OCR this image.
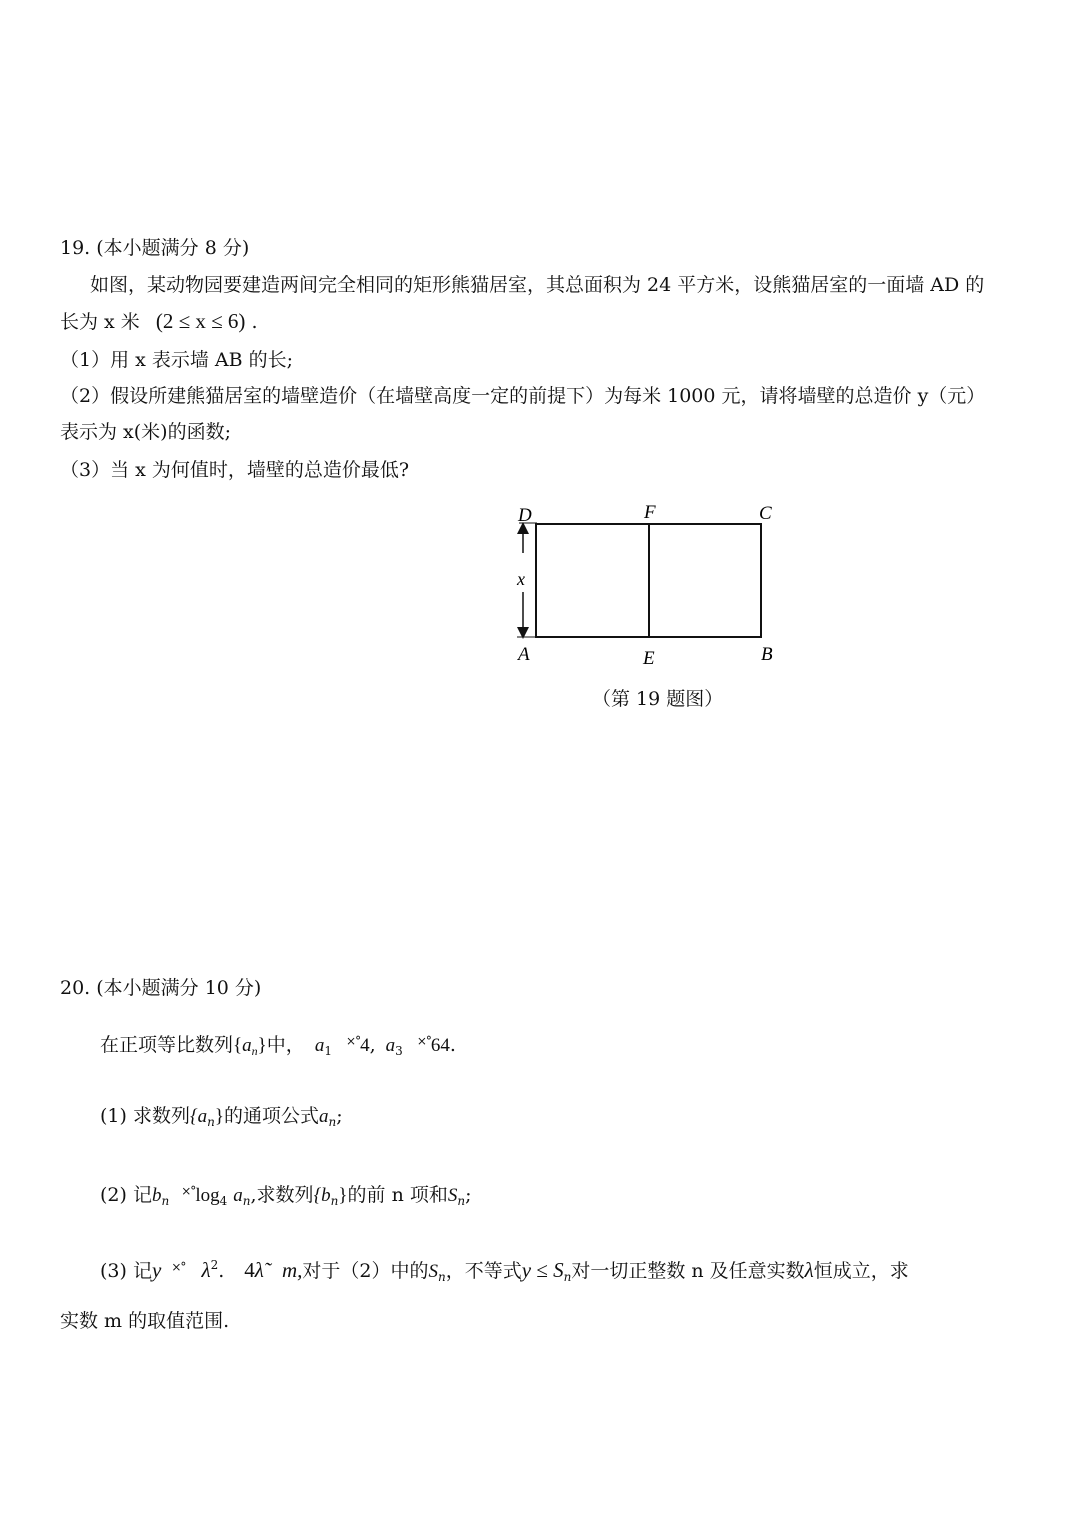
19. (本小题满分 8 分)
如图，某动物园要建造两间完全相同的矩形熊猫居室，其总面积为 24 平方米，设熊猫居室的一面墙 AD 的
长为 x 米 (2 ≤ x ≤ 6) .
（1）用 x 表示墙 AB 的长;
（2）假设所建熊猫居室的墙壁造价（在墙壁高度一定的前提下）为每米 1000 元，请将墙壁的总造价 y（元）
表示为 x(米)的函数;
（3）当 x 为何值时，墙壁的总造价最低?
D	F	C
A	E	B
x
（第 19 题图）
20. (本小题满分 10 分)
在正项等比数列$\{a_n\}$中， $a_1$ ×°4, $a_3$ ×°64.
(1) 求数列$\{a_n\}$的通项公式$a_n$;
(2) 记$b_n$ $^{\times^\circ}\log_4$ $a_n$,求数列$\{b_n\}$的前 n 项和$S_n$;
(3) 记y ×° $\lambda^2$. 4λ̃ m,对于（2）中的$S_n$，不等式$y \le S_n$对一切正整数 n 及任意实数λ恒成立，求
实数 m 的取值范围.
